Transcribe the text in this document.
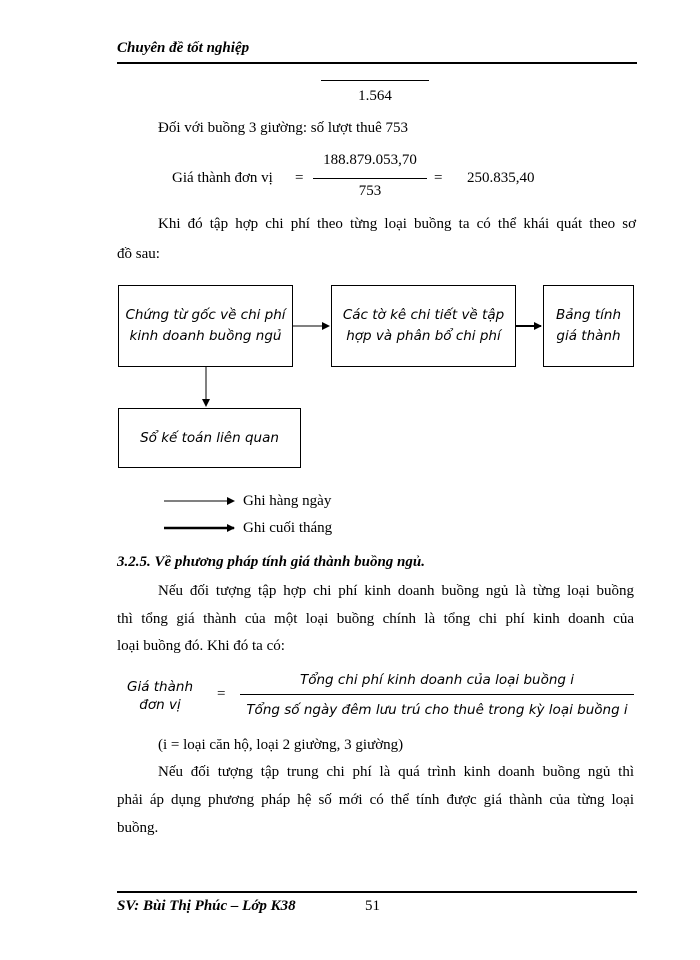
Chuyên đề tốt nghiệp
1.564
Đối với buồng 3 giường: số lượt thuê 753
Giá thành đơn vị =
188.879.053,70
753
= 250.835,40
Khi đó tập hợp chi phí theo từng loại buồng ta có thể khái quát theo sơ
đồ sau:
Chứng từ gốc về chi phí
kinh doanh buồng ngủ
Các tờ kê chi tiết về tập
hợp và phân bổ chi phí
Bảng tính
giá thành
Sổ kế toán liên quan
Ghi hàng ngày
Ghi cuối tháng
3.2.5. Về phương pháp tính giá thành buồng ngủ.
Nếu đối tượng tập hợp chi phí kinh doanh buồng ngủ là từng loại buồng
thì tổng giá thành của một loại buồng chính là tổng chi phí kinh doanh của
loại buồng đó. Khi đó ta có:
Giá thành
đơn vị
=
Tổng chi phí kinh doanh của loại buồng i
Tổng số ngày đêm lưu trú cho thuê trong kỳ loại buồng i
(i = loại căn hộ, loại 2 giường, 3 giường)
Nếu đối tượng tập trung chi phí là quá trình kinh doanh buồng ngủ thì
phải áp dụng phương pháp hệ số mới có thể tính được giá thành của từng loại
buồng.
SV: Bùi Thị Phúc – Lớp K38	51
